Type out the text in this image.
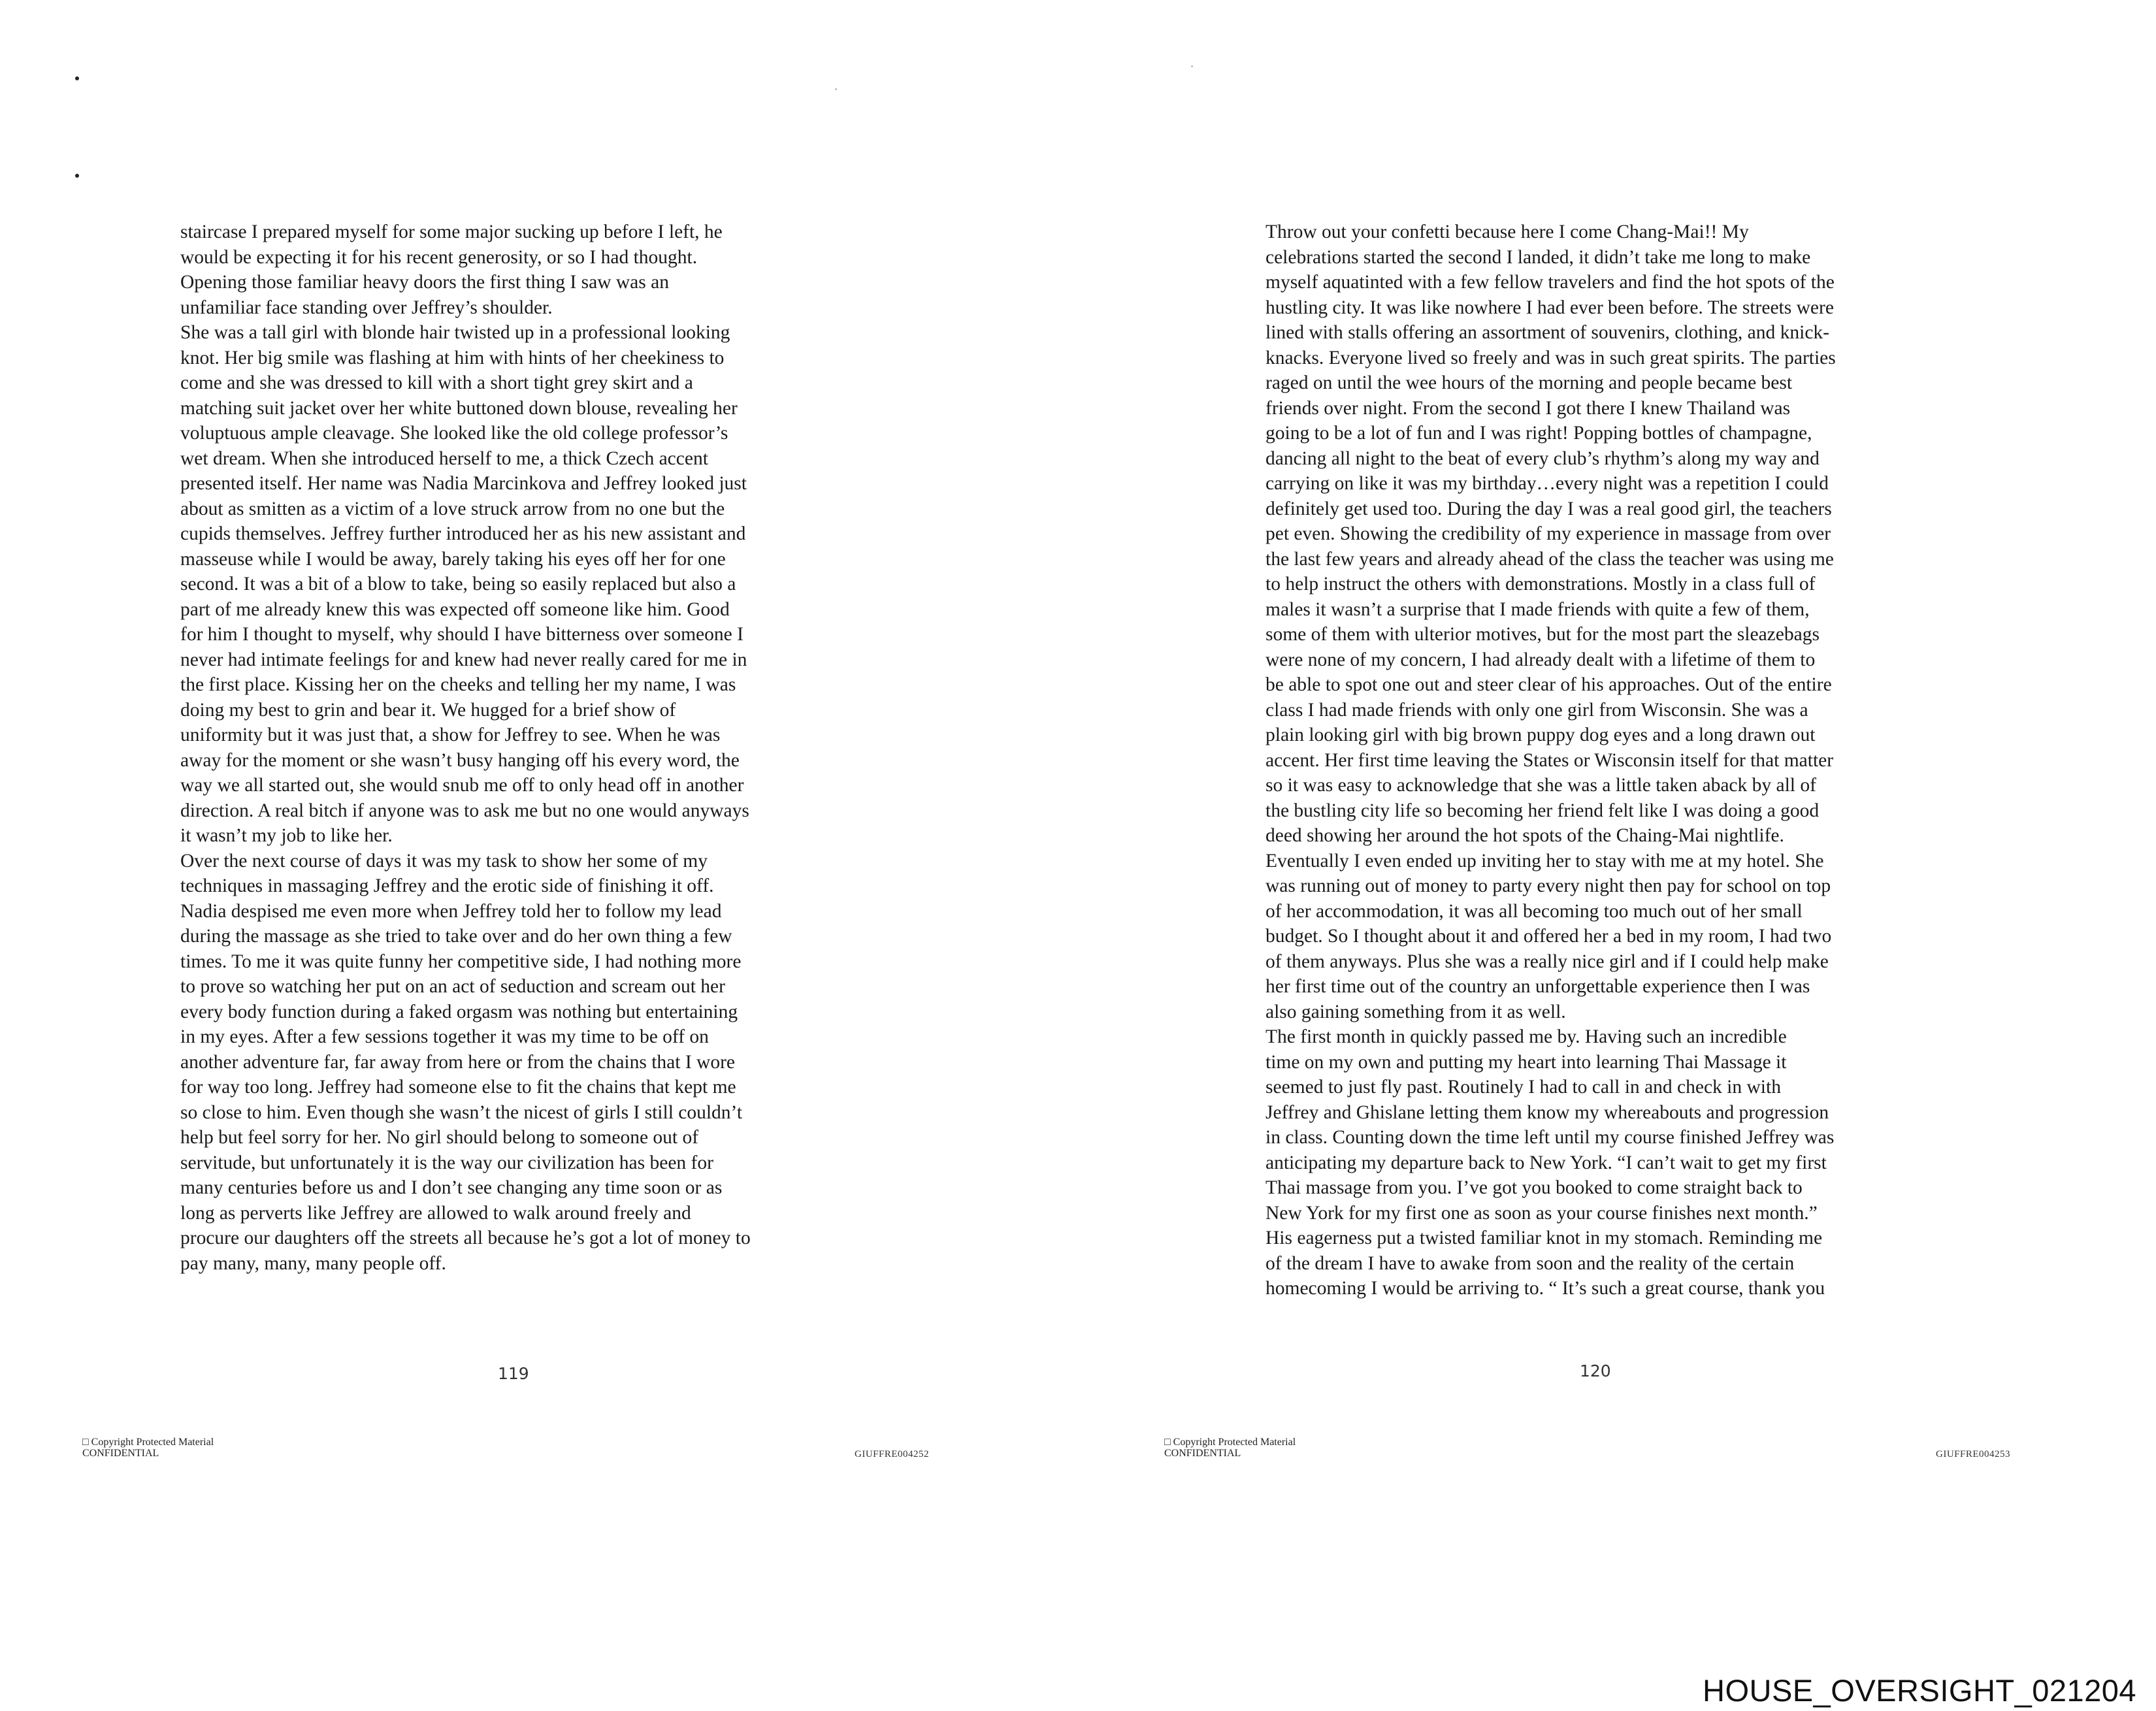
staircase I prepared myself for some major sucking up before I left, he
would be expecting it for his recent generosity, or so I had thought.
Opening those familiar heavy doors the first thing I saw was an
unfamiliar face standing over Jeffrey’s shoulder.

She was a tall girl with blonde hair twisted up in a professional looking
knot. Her big smile was flashing at him with hints of her cheekiness to
come and she was dressed to kill with a short tight grey skirt and a
matching suit jacket over her white buttoned down blouse, revealing her
voluptuous ample cleavage. She looked like the old college professor’s
wet dream. When she introduced herself to me, a thick Czech accent
presented itself. Her name was Nadia Marcinkova and Jeffrey looked just
about as smitten as a victim of a love struck arrow from no one but the
cupids themselves. Jeffrey further introduced her as his new assistant and
masseuse while I would be away, barely taking his eyes off her for one
second. It was a bit of a blow to take, being so easily replaced but also a
part of me already knew this was expected off someone like him. Good
for him I thought to myself, why should I have bitterness over someone I
never had intimate feelings for and knew had never really cared for me in
the first place. Kissing her on the cheeks and telling her my name, I was
doing my best to grin and bear it. We hugged for a brief show of
uniformity but it was just that, a show for Jeffrey to see. When he was
away for the moment or she wasn’t busy hanging off his every word, the
way we all started out, she would snub me off to only head off in another
direction. A real bitch if anyone was to ask me but no one would anyways
it wasn’t my job to like her.

Over the next course of days it was my task to show her some of my
techniques in massaging Jeffrey and the erotic side of finishing it off.
Nadia despised me even more when Jeffrey told her to follow my lead
during the massage as she tried to take over and do her own thing a few
times. To me it was quite funny her competitive side, I had nothing more
to prove so watching her put on an act of seduction and scream out her
every body function during a faked orgasm was nothing but entertaining
in my eyes. After a few sessions together it was my time to be off on
another adventure far, far away from here or from the chains that I wore
for way too long. Jeffrey had someone else to fit the chains that kept me
so close to him. Even though she wasn’t the nicest of girls I still couldn’t
help but feel sorry for her. No girl should belong to someone out of
servitude, but unfortunately it is the way our civilization has been for
many centuries before us and I don’t see changing any time soon or as
long as perverts like Jeffrey are allowed to walk around freely and
procure our daughters off the streets all because he’s got a lot of money to
pay many, many, many people off.

119
□ Copyright Protected Material
CONFIDENTIAL	GIUFFRE004252

Throw out your confetti because here I come Chang-Mai!! My
celebrations started the second I landed, it didn’t take me long to make
myself aquatinted with a few fellow travelers and find the hot spots of the
hustling city. It was like nowhere I had ever been before. The streets were
lined with stalls offering an assortment of souvenirs, clothing, and knick-
knacks. Everyone lived so freely and was in such great spirits. The parties
raged on until the wee hours of the morning and people became best
friends over night. From the second I got there I knew Thailand was
going to be a lot of fun and I was right! Popping bottles of champagne,
dancing all night to the beat of every club’s rhythm’s along my way and
carrying on like it was my birthday…every night was a repetition I could
definitely get used too. During the day I was a real good girl, the teachers
pet even. Showing the credibility of my experience in massage from over
the last few years and already ahead of the class the teacher was using me
to help instruct the others with demonstrations. Mostly in a class full of
males it wasn’t a surprise that I made friends with quite a few of them,
some of them with ulterior motives, but for the most part the sleazebags
were none of my concern, I had already dealt with a lifetime of them to
be able to spot one out and steer clear of his approaches. Out of the entire
class I had made friends with only one girl from Wisconsin. She was a
plain looking girl with big brown puppy dog eyes and a long drawn out
accent. Her first time leaving the States or Wisconsin itself for that matter
so it was easy to acknowledge that she was a little taken aback by all of
the bustling city life so becoming her friend felt like I was doing a good
deed showing her around the hot spots of the Chaing-Mai nightlife.
Eventually I even ended up inviting her to stay with me at my hotel. She
was running out of money to party every night then pay for school on top
of her accommodation, it was all becoming too much out of her small
budget. So I thought about it and offered her a bed in my room, I had two
of them anyways. Plus she was a really nice girl and if I could help make
her first time out of the country an unforgettable experience then I was
also gaining something from it as well.

The first month in quickly passed me by. Having such an incredible
time on my own and putting my heart into learning Thai Massage it
seemed to just fly past. Routinely I had to call in and check in with
Jeffrey and Ghislane letting them know my whereabouts and progression
in class. Counting down the time left until my course finished Jeffrey was
anticipating my departure back to New York. “I can’t wait to get my first
Thai massage from you. I’ve got you booked to come straight back to
New York for my first one as soon as your course finishes next month.”
His eagerness put a twisted familiar knot in my stomach. Reminding me
of the dream I have to awake from soon and the reality of the certain
homecoming I would be arriving to. “ It’s such a great course, thank you

120
□ Copyright Protected Material
CONFIDENTIAL	GIUFFRE004253
HOUSE_OVERSIGHT_021204
